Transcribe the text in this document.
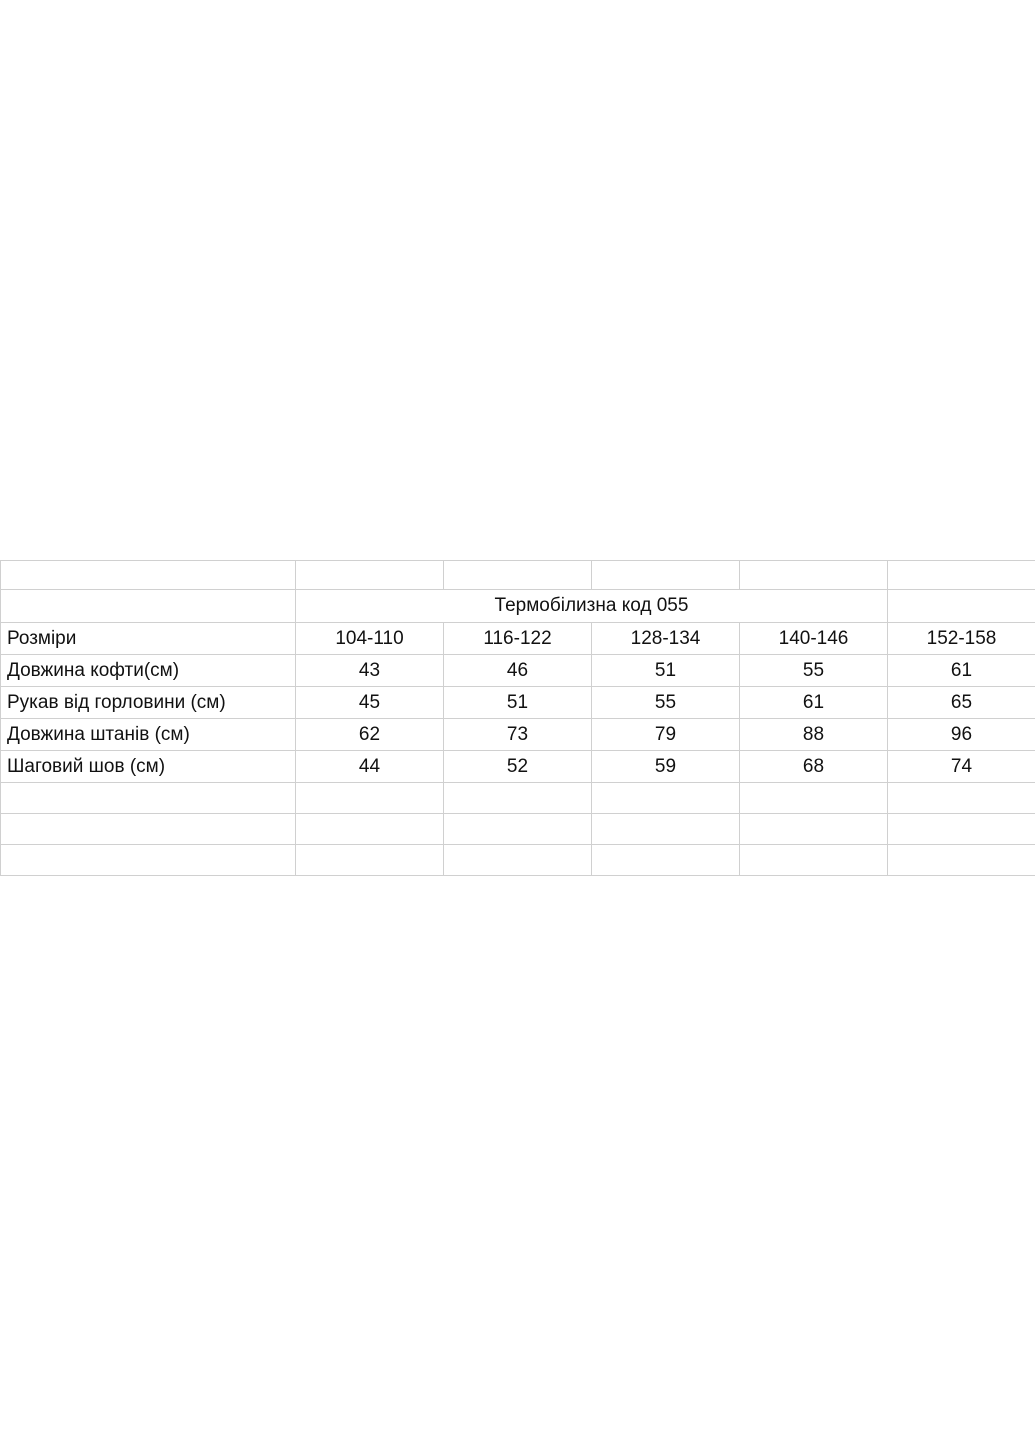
	Термобілизна код 055				
Розміри	104-110	116-122	128-134	140-146	152-158
Довжина кофти(см)	43	46	51	55	61
Рукав від горловини (см)	45	51	55	61	65
Довжина штанів (см)	62	73	79	88	96
Шаговий шов (см)	44	52	59	68	74
